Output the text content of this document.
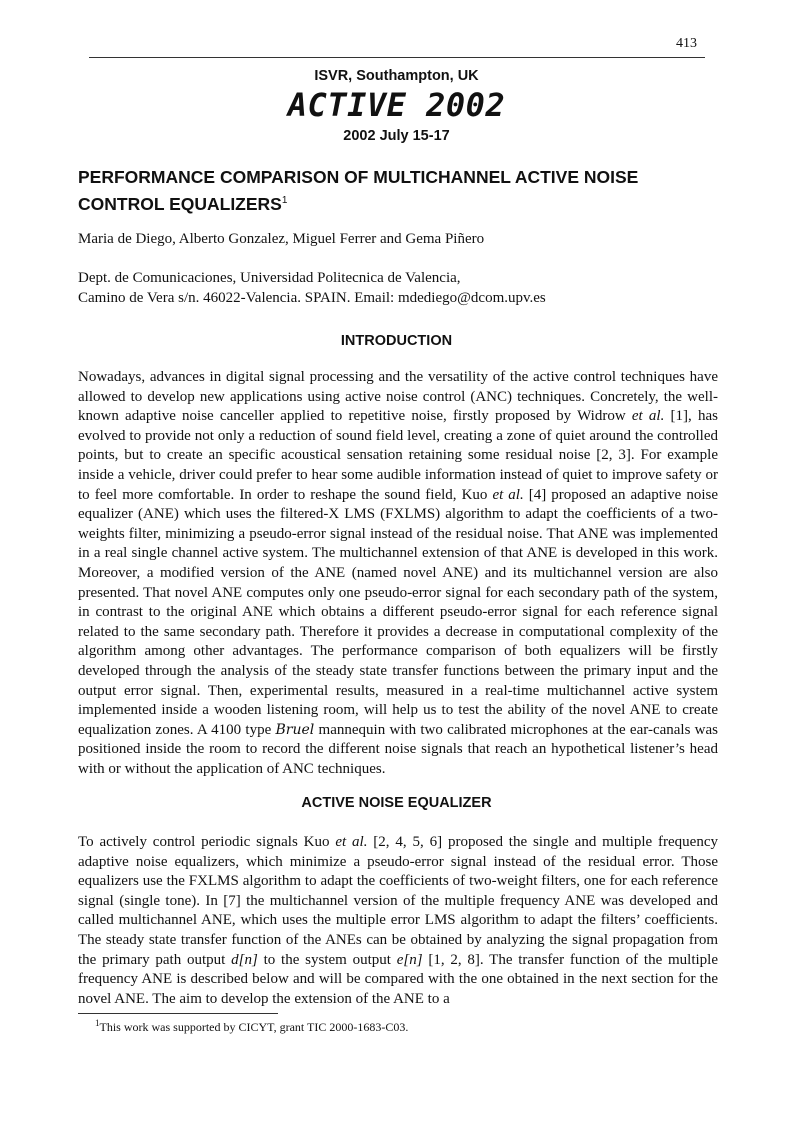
413
ISVR, Southampton, UK
ACTIVE 2002
2002 July 15-17
PERFORMANCE COMPARISON OF MULTICHANNEL ACTIVE NOISE CONTROL EQUALIZERS$^1$
Maria de Diego, Alberto Gonzalez, Miguel Ferrer and Gema Piñero
Dept. de Comunicaciones, Universidad Politecnica de Valencia,
Camino de Vera s/n. 46022-Valencia. SPAIN. Email: mdediego@dcom.upv.es
INTRODUCTION
Nowadays, advances in digital signal processing and the versatility of the active control techniques have allowed to develop new applications using active noise control (ANC) techniques. Concretely, the well-known adaptive noise canceller applied to repetitive noise, firstly proposed by Widrow et al. [1], has evolved to provide not only a reduction of sound field level, creating a zone of quiet around the controlled points, but to create an specific acoustical sensation retaining some residual noise [2, 3]. For example inside a vehicle, driver could prefer to hear some audible information instead of quiet to improve safety or to feel more comfortable. In order to reshape the sound field, Kuo et al. [4] proposed an adaptive noise equalizer (ANE) which uses the filtered-X LMS (FXLMS) algorithm to adapt the coefficients of a two-weights filter, minimizing a pseudo-error signal instead of the residual noise. That ANE was implemented in a real single channel active system. The multichannel extension of that ANE is developed in this work. Moreover, a modified version of the ANE (named novel ANE) and its multichannel version are also presented. That novel ANE computes only one pseudo-error signal for each secondary path of the system, in contrast to the original ANE which obtains a different pseudo-error signal for each reference signal related to the same secondary path. Therefore it provides a decrease in computational complexity of the algorithm among other advantages. The performance comparison of both equalizers will be firstly developed through the analysis of the steady state transfer functions between the primary input and the output error signal. Then, experimental results, measured in a real-time multichannel active system implemented inside a wooden listening room, will help us to test the ability of the novel ANE to create equalization zones. A 4100 type Bruel mannequin with two calibrated microphones at the ear-canals was positioned inside the room to record the different noise signals that reach an hypothetical listener’s head with or without the application of ANC techniques.
ACTIVE NOISE EQUALIZER
To actively control periodic signals Kuo et al. [2, 4, 5, 6] proposed the single and multiple frequency adaptive noise equalizers, which minimize a pseudo-error signal instead of the residual error. Those equalizers use the FXLMS algorithm to adapt the coefficients of two-weight filters, one for each reference signal (single tone). In [7] the multichannel version of the multiple frequency ANE was developed and called multichannel ANE, which uses the multiple error LMS algorithm to adapt the filters’ coefficients. The steady state transfer function of the ANEs can be obtained by analyzing the signal propagation from the primary path output d[n] to the system output e[n] [1, 2, 8]. The transfer function of the multiple frequency ANE is described below and will be compared with the one obtained in the next section for the novel ANE. The aim to develop the extension of the ANE to a
$^1$This work was supported by CICYT, grant TIC 2000-1683-C03.
